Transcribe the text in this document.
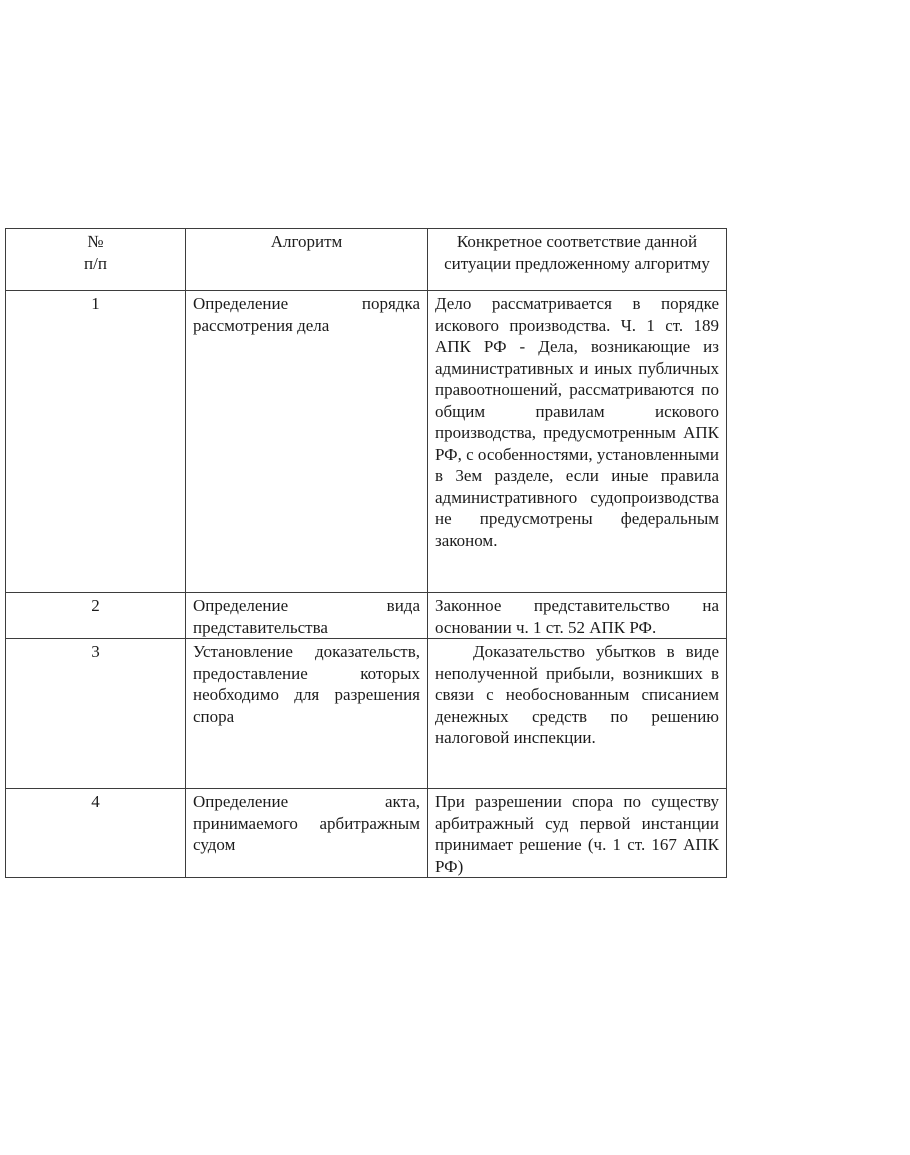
№
п/п	Алгоритм	Конкретное соответствие данной ситуации предложенному алгоритму
1	Определение порядка рассмотрения дела	Дело рассматривается в порядке искового производства. Ч. 1 ст. 189 АПК РФ - Дела, возникающие из административных и иных публичных правоотношений, рассматриваются по общим правилам искового производства, предусмотренным АПК РФ, с особенностями, установленными в 3ем разделе, если иные правила административного судопроизводства не предусмотрены федеральным законом.
2	Определение вида представительства	Законное представительство на основании ч. 1 ст. 52 АПК РФ.
3	Установление доказательств, предоставление которых необходимо для разрешения спора	Доказательство убытков в виде неполученной прибыли, возникших в связи с необоснованным списанием денежных средств по решению налоговой инспекции.
4	Определение акта, принимаемого арбитражным судом	При разрешении спора по существу арбитражный суд первой инстанции принимает решение (ч. 1 ст. 167 АПК РФ)
